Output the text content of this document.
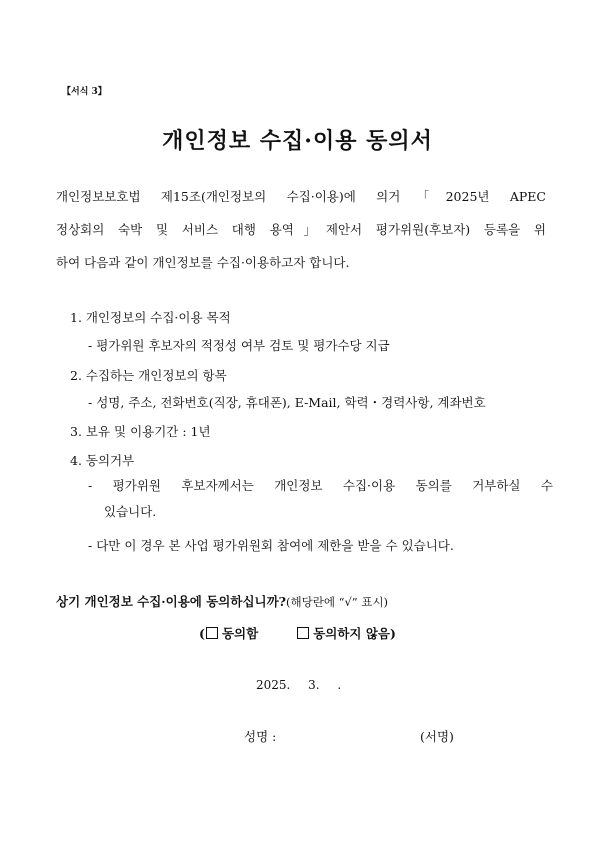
【서식 3】
개인정보 수집·이용 동의서
개인정보보호법 제15조(개인정보의 수집·이용)에 의거「2025년 APEC
정상회의 숙박 및 서비스 대행 용역」제안서 평가위원(후보자) 등록을 위
하여 다음과 같이 개인정보를 수집·이용하고자 합니다.
1. 개인정보의 수집·이용 목적
- 평가위원 후보자의 적정성 여부 검토 및 평가수당 지급
2. 수집하는 개인정보의 항목
- 성명, 주소, 전화번호(직장, 휴대폰), E-Mail, 학력・경력사항, 계좌번호
3. 보유 및 이용기간 : 1년
4. 동의거부
- 평가위원 후보자께서는 개인정보 수집·이용 동의를 거부하실 수
있습니다.
- 다만 이 경우 본 사업 평가위원회 참여에 제한을 받을 수 있습니다.
상기 개인정보 수집·이용에 동의하십니까?(해당란에 “√” 표시)
( 동의함	동의하지 않음)
2025. 3. .
성명 :	(서명)
